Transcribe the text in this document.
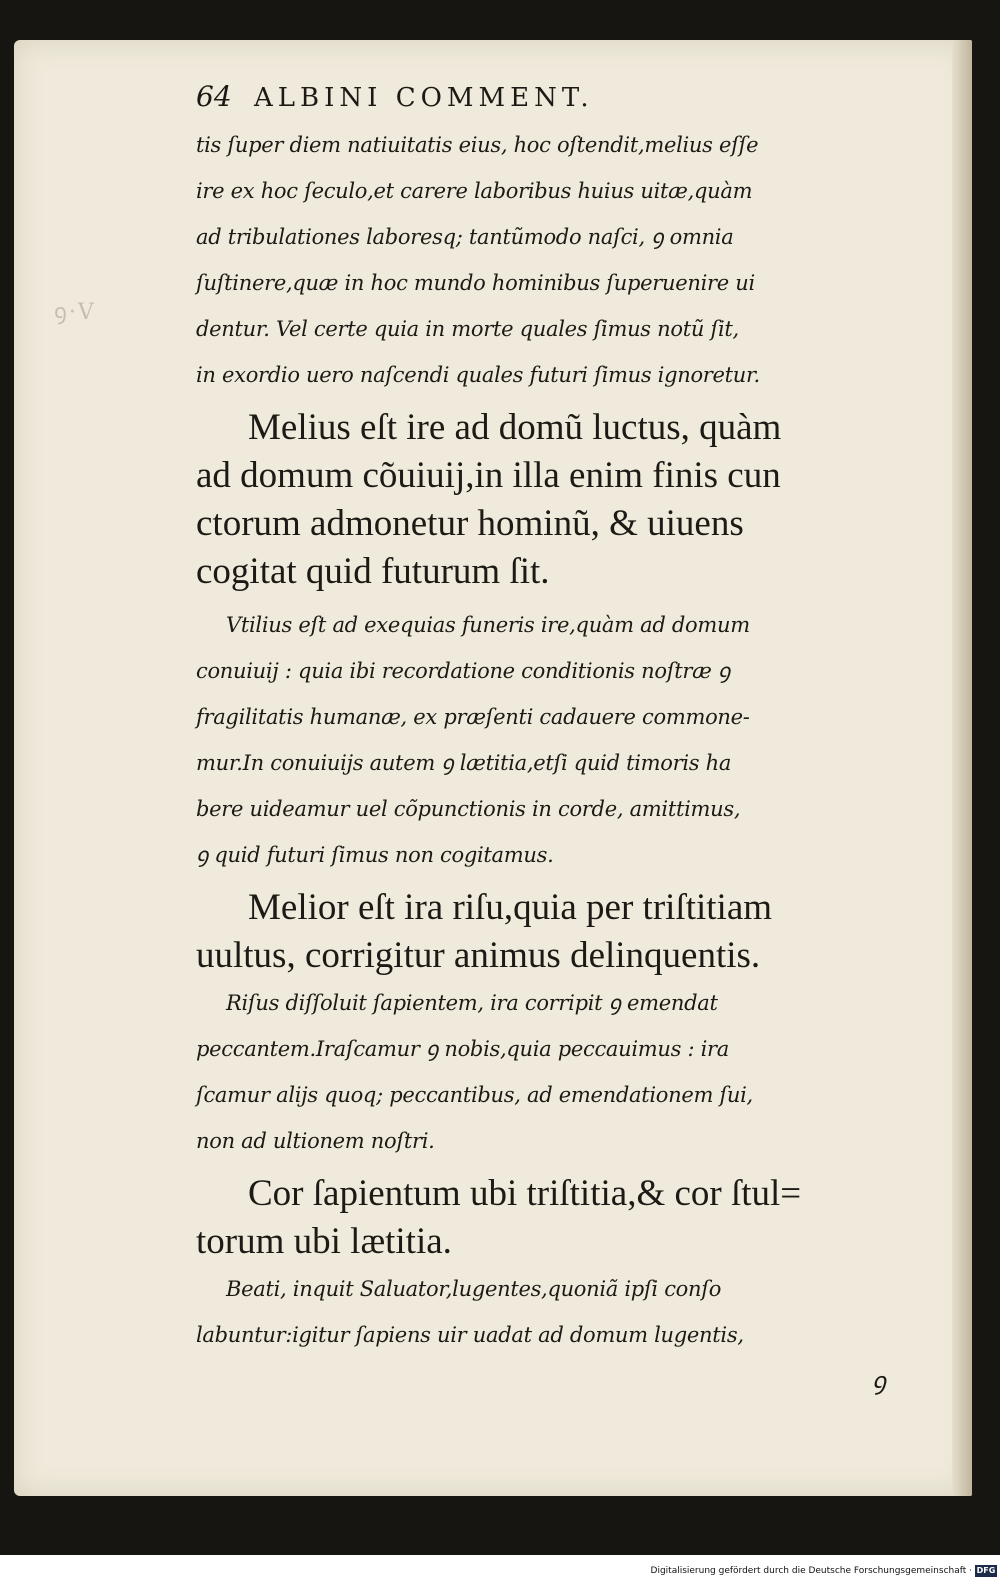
ꝯ·V
64 ALBINI COMMENT.
tis ſuper diem natiuitatis eius, hoc oſtendit,melius eſſe
ire ex hoc ſeculo,et carere laboribus huius uitæ,quàm
ad tribulationes laboresq; tantũmodo naſci, ꝯ omnia
ſuſtinere,quæ in hoc mundo hominibus ſuperuenire ui
dentur. Vel certe quia in morte quales ſimus notũ ſit,
in exordio uero naſcendi quales futuri ſimus ignoretur.
Melius eſt ire ad domũ luctus, quàm
ad domum cõuiuij,in illa enim finis cun
ctorum admonetur hominũ, & uiuens
cogitat quid futurum ſit.
Vtilius eſt ad exequias funeris ire,quàm ad domum
conuiuij : quia ibi recordatione conditionis noſtræ ꝯ
fragilitatis humanæ, ex præſenti cadauere commone-
mur.In conuiuijs autem ꝯ lætitia,etſi quid timoris ha
bere uideamur uel cõpunctionis in corde, amittimus,
ꝯ quid futuri ſimus non cogitamus.
Melior eſt ira riſu,quia per triſtitiam
uultus, corrigitur animus delinquentis.
Riſus diſſoluit ſapientem, ira corripit ꝯ emendat
peccantem.Iraſcamur ꝯ nobis,quia peccauimus : ira
ſcamur alijs quoq; peccantibus, ad emendationem ſui,
non ad ultionem noſtri.
Cor ſapientum ubi triſtitia,& cor ſtul=
torum ubi lætitia.
Beati, inquit Saluator,lugentes,quoniã ipſi conſo
labuntur:igitur ſapiens uir uadat ad domum lugentis,
ꝯ
Digitalisierung gefördert durch die Deutsche Forschungsgemeinschaft · DFG
